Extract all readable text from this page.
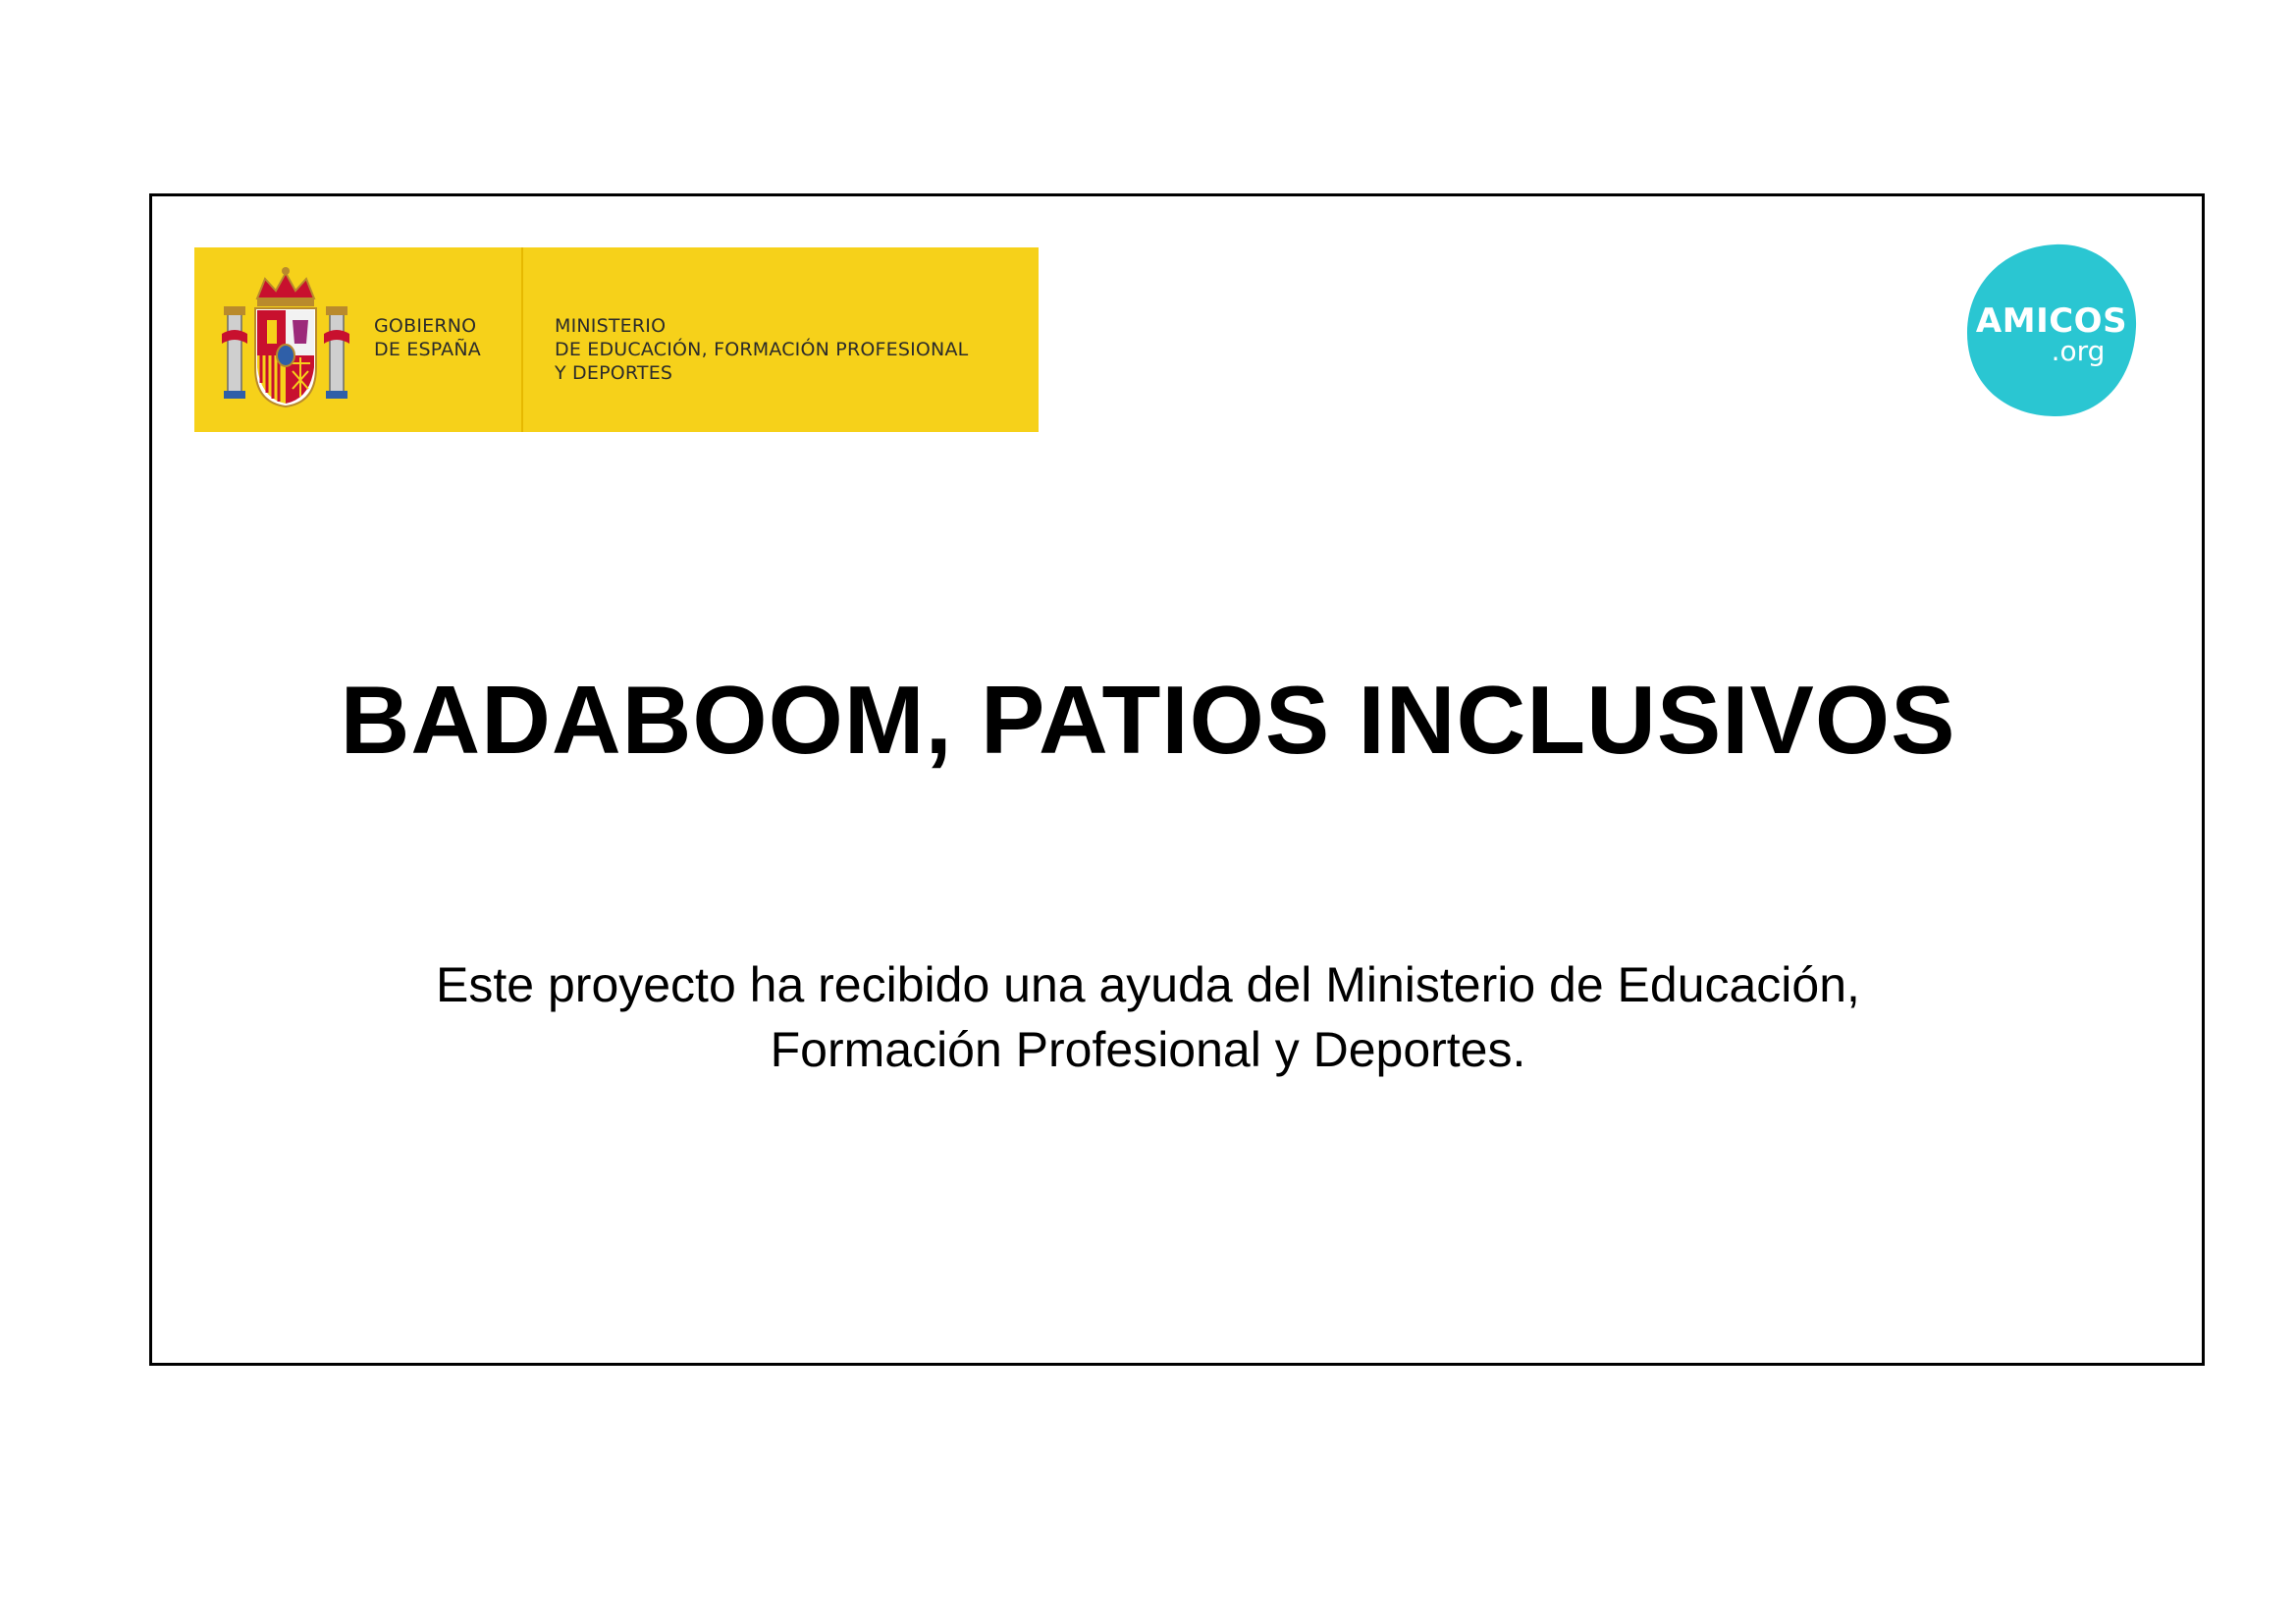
GOBIERNO
DE ESPAÑA
MINISTERIO
DE EDUCACIÓN, FORMACIÓN PROFESIONAL
Y DEPORTES
AMICOS
.org
BADABOOM, PATIOS INCLUSIVOS
Este proyecto ha recibido una ayuda del Ministerio de Educación,
Formación Profesional y Deportes.
